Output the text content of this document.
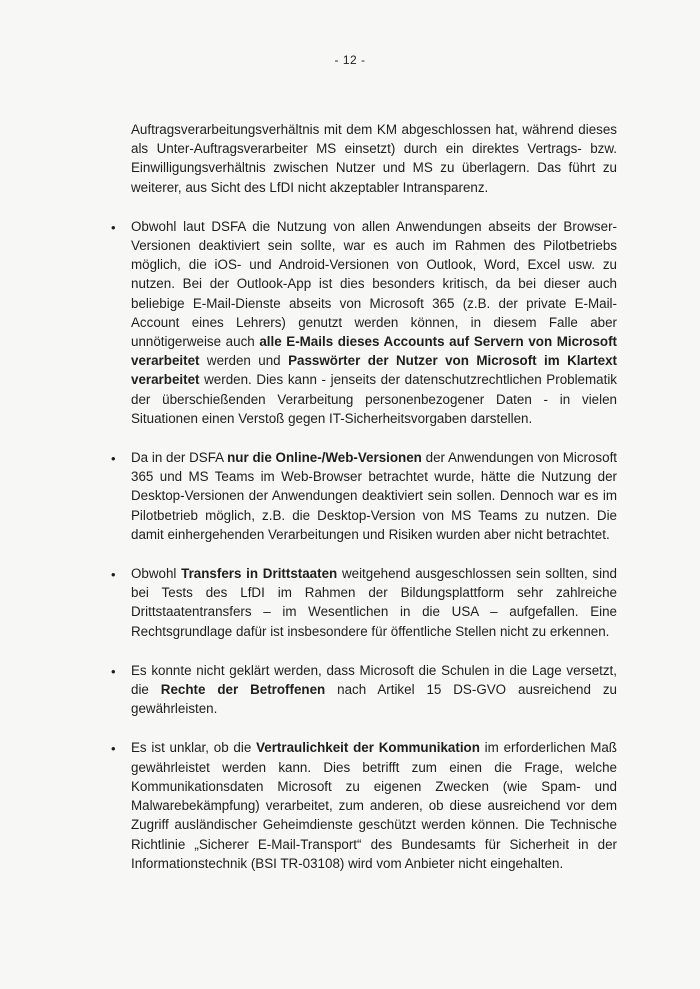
- 12 -

Auftragsverarbeitungsverhältnis mit dem KM abgeschlossen hat, während dieses als Unter-Auftragsverarbeiter MS einsetzt) durch ein direktes Vertrags- bzw. Einwilligungsverhältnis zwischen Nutzer und MS zu überlagern. Das führt zu weiterer, aus Sicht des LfDI nicht akzeptabler Intransparenz.

• Obwohl laut DSFA die Nutzung von allen Anwendungen abseits der Browser-Versionen deaktiviert sein sollte, war es auch im Rahmen des Pilotbetriebs möglich, die iOS- und Android-Versionen von Outlook, Word, Excel usw. zu nutzen. Bei der Outlook-App ist dies besonders kritisch, da bei dieser auch beliebige E-Mail-Dienste abseits von Microsoft 365 (z.B. der private E-Mail-Account eines Lehrers) genutzt werden können, in diesem Falle aber unnötigerweise auch alle E-Mails dieses Accounts auf Servern von Microsoft verarbeitet werden und Passwörter der Nutzer von Microsoft im Klartext verarbeitet werden. Dies kann - jenseits der datenschutzrechtlichen Problematik der überschießenden Verarbeitung personenbezogener Daten - in vielen Situationen einen Verstoß gegen IT-Sicherheitsvorgaben darstellen.

• Da in der DSFA nur die Online-/Web-Versionen der Anwendungen von Microsoft 365 und MS Teams im Web-Browser betrachtet wurde, hätte die Nutzung der Desktop-Versionen der Anwendungen deaktiviert sein sollen. Dennoch war es im Pilotbetrieb möglich, z.B. die Desktop-Version von MS Teams zu nutzen. Die damit einhergehenden Verarbeitungen und Risiken wurden aber nicht betrachtet.

• Obwohl Transfers in Drittstaaten weitgehend ausgeschlossen sein sollten, sind bei Tests des LfDI im Rahmen der Bildungsplattform sehr zahlreiche Drittstaatentransfers – im Wesentlichen in die USA – aufgefallen. Eine Rechtsgrundlage dafür ist insbesondere für öffentliche Stellen nicht zu erkennen.

• Es konnte nicht geklärt werden, dass Microsoft die Schulen in die Lage versetzt, die Rechte der Betroffenen nach Artikel 15 DS-GVO ausreichend zu gewährleisten.

• Es ist unklar, ob die Vertraulichkeit der Kommunikation im erforderlichen Maß gewährleistet werden kann. Dies betrifft zum einen die Frage, welche Kommunikationsdaten Microsoft zu eigenen Zwecken (wie Spam- und Malwarebekämpfung) verarbeitet, zum anderen, ob diese ausreichend vor dem Zugriff ausländischer Geheimdienste geschützt werden können. Die Technische Richtlinie „Sicherer E-Mail-Transport“ des Bundesamts für Sicherheit in der Informationstechnik (BSI TR-03108) wird vom Anbieter nicht eingehalten.
